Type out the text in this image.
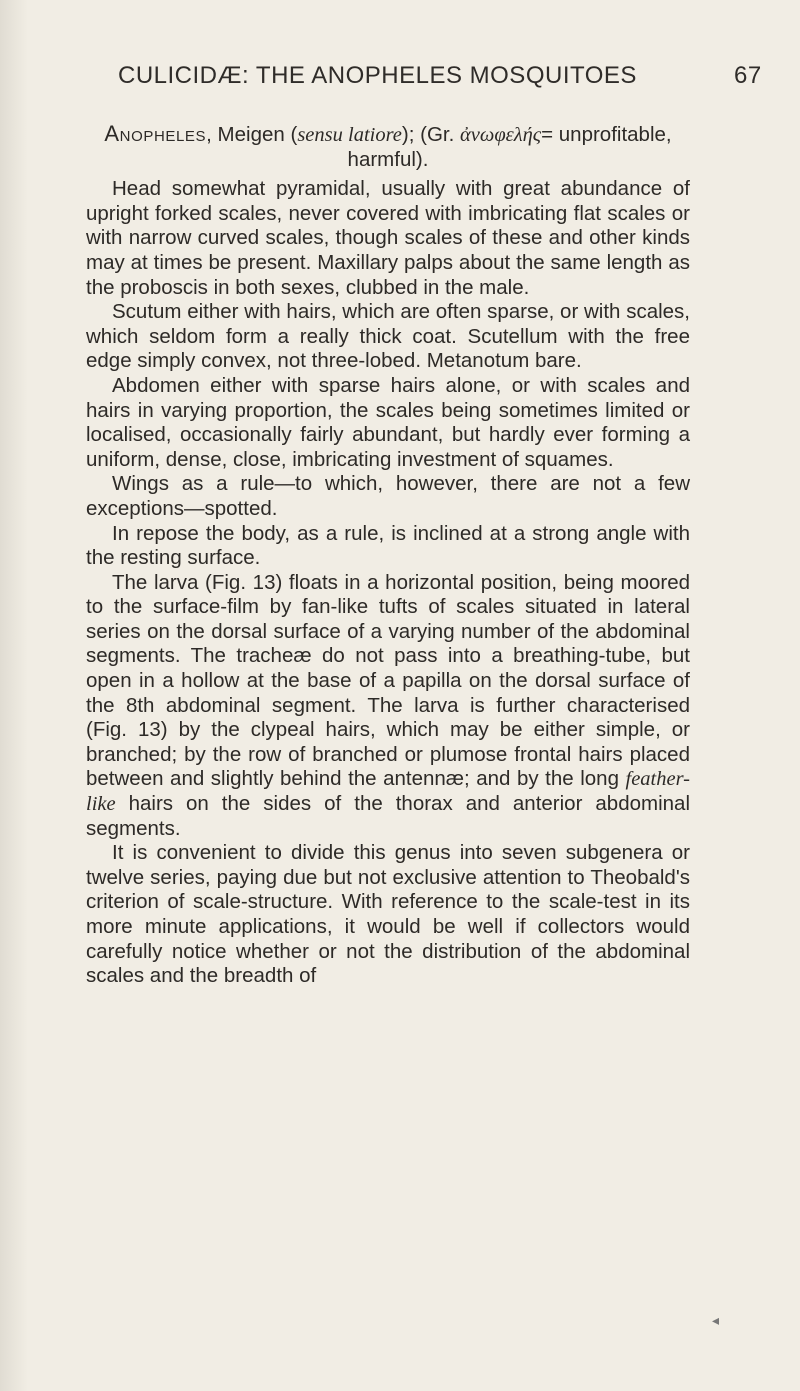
CULICIDÆ: THE ANOPHELES MOSQUITOES	67

Anopheles, Meigen (sensu latiore); (Gr. ἀνωφελής= unprofitable, harmful).

Head somewhat pyramidal, usually with great abundance of upright forked scales, never covered with imbricating flat scales or with narrow curved scales, though scales of these and other kinds may at times be present. Maxillary palps about the same length as the proboscis in both sexes, clubbed in the male.

Scutum either with hairs, which are often sparse, or with scales, which seldom form a really thick coat. Scutellum with the free edge simply convex, not three-lobed. Metanotum bare.

Abdomen either with sparse hairs alone, or with scales and hairs in varying proportion, the scales being sometimes limited or localised, occasionally fairly abundant, but hardly ever forming a uniform, dense, close, imbricating investment of squames.

Wings as a rule—to which, however, there are not a few exceptions—spotted.

In repose the body, as a rule, is inclined at a strong angle with the resting surface.

The larva (Fig. 13) floats in a horizontal position, being moored to the surface-film by fan-like tufts of scales situated in lateral series on the dorsal surface of a varying number of the abdominal segments. The tracheæ do not pass into a breathing-tube, but open in a hollow at the base of a papilla on the dorsal surface of the 8th abdominal segment. The larva is further characterised (Fig. 13) by the clypeal hairs, which may be either simple, or branched; by the row of branched or plumose frontal hairs placed between and slightly behind the antennæ; and by the long feather-like hairs on the sides of the thorax and anterior abdominal segments.

It is convenient to divide this genus into seven subgenera or twelve series, paying due but not exclusive attention to Theobald's criterion of scale-structure. With reference to the scale-test in its more minute applications, it would be well if collectors would carefully notice whether or not the distribution of the abdominal scales and the breadth of

◂
